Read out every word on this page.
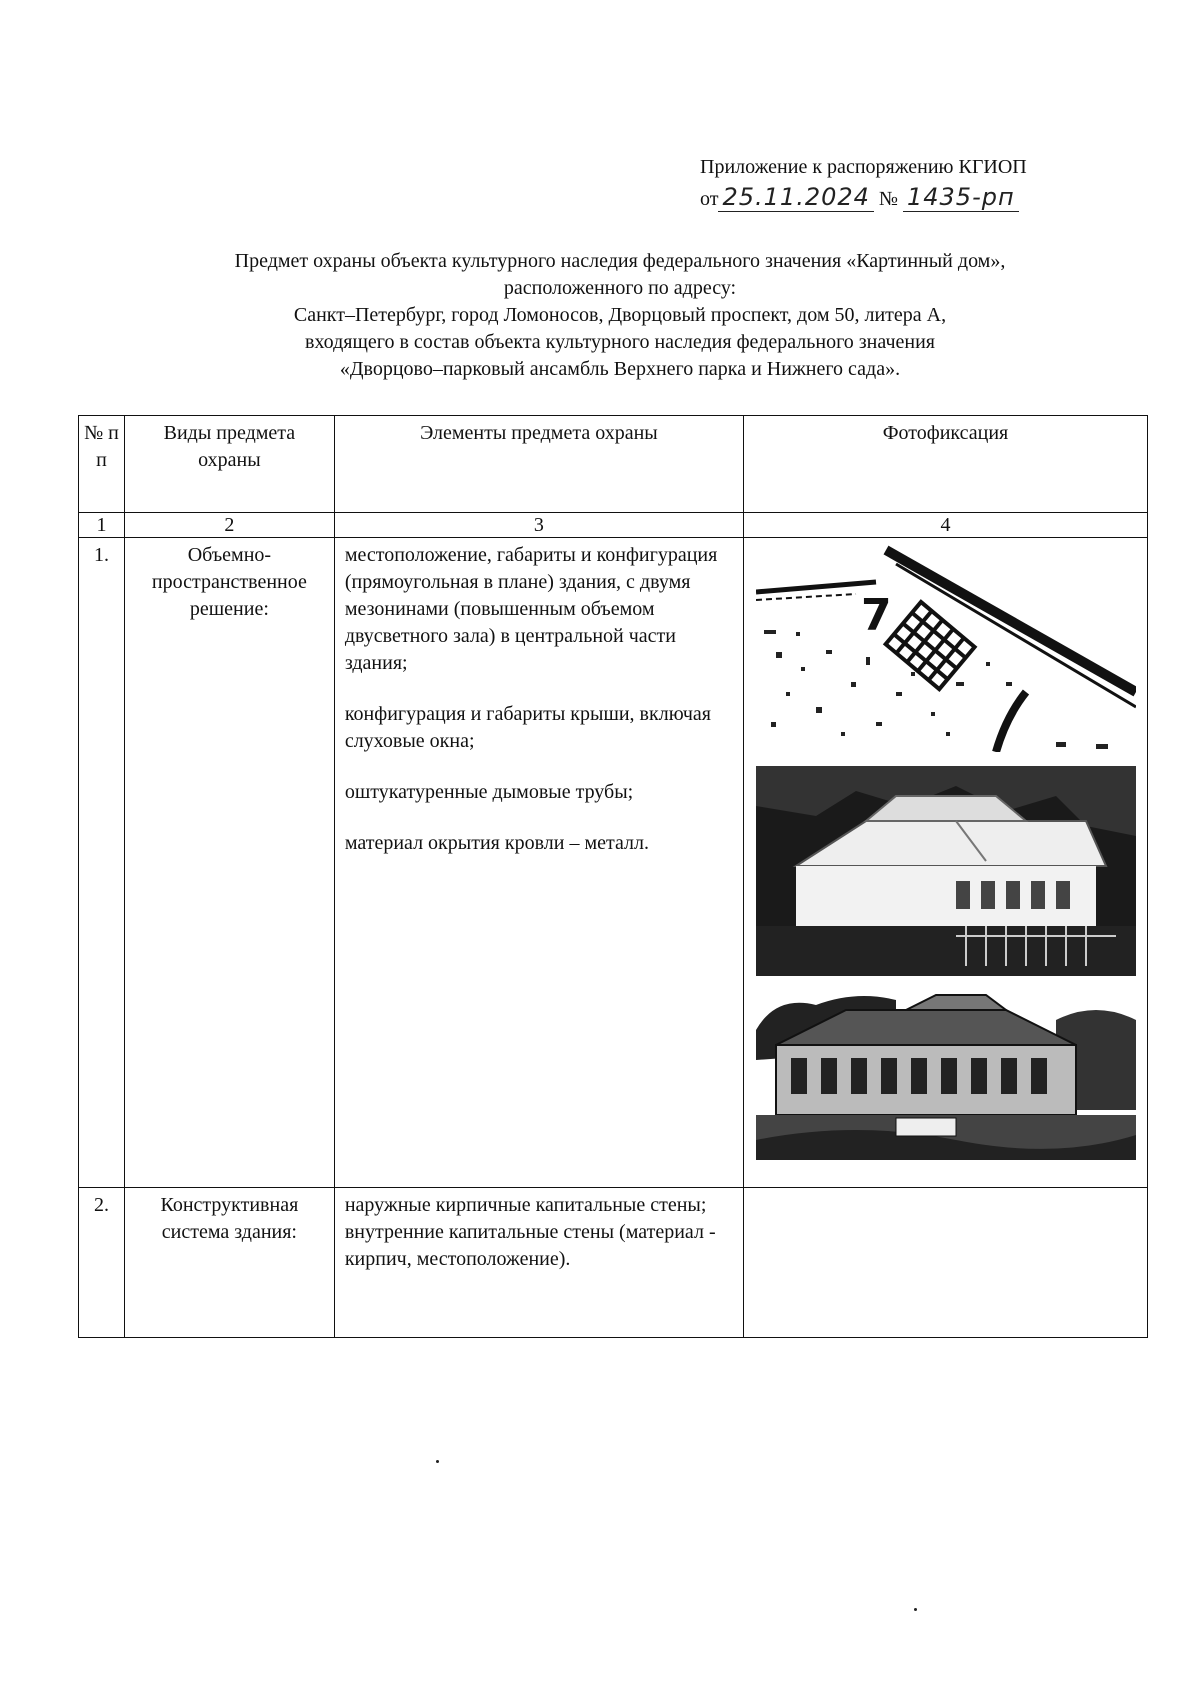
Приложение к распоряжению КГИОП
от 25.11.2024 № 1435-рп
Предмет охраны объекта культурного наследия федерального значения «Картинный дом»,
расположенного по адресу:
Санкт–Петербург, город Ломоносов, Дворцовый проспект, дом 50, литера А,
входящего в состав объекта культурного наследия федерального значения
«Дворцово–парковый ансамбль Верхнего парка и Нижнего сада».
№ п п	Виды предмета охраны	Элементы предмета охраны	Фотофиксация
1	2	3	4
1.	Объемно-пространственное решение:	местоположение, габариты и конфигурация (прямоугольная в плане) здания, с двумя мезонинами (повышенным объемом двусветного зала) в центральной части здания;
конфигурация и габариты крыши, включая слуховые окна;
оштукатуренные дымовые трубы;
материал окрытия кровли – металл.	7

2.	Конструктивная система здания:	наружные кирпичные капитальные стены; внутренние капитальные стены (материал - кирпич, местоположение).	
